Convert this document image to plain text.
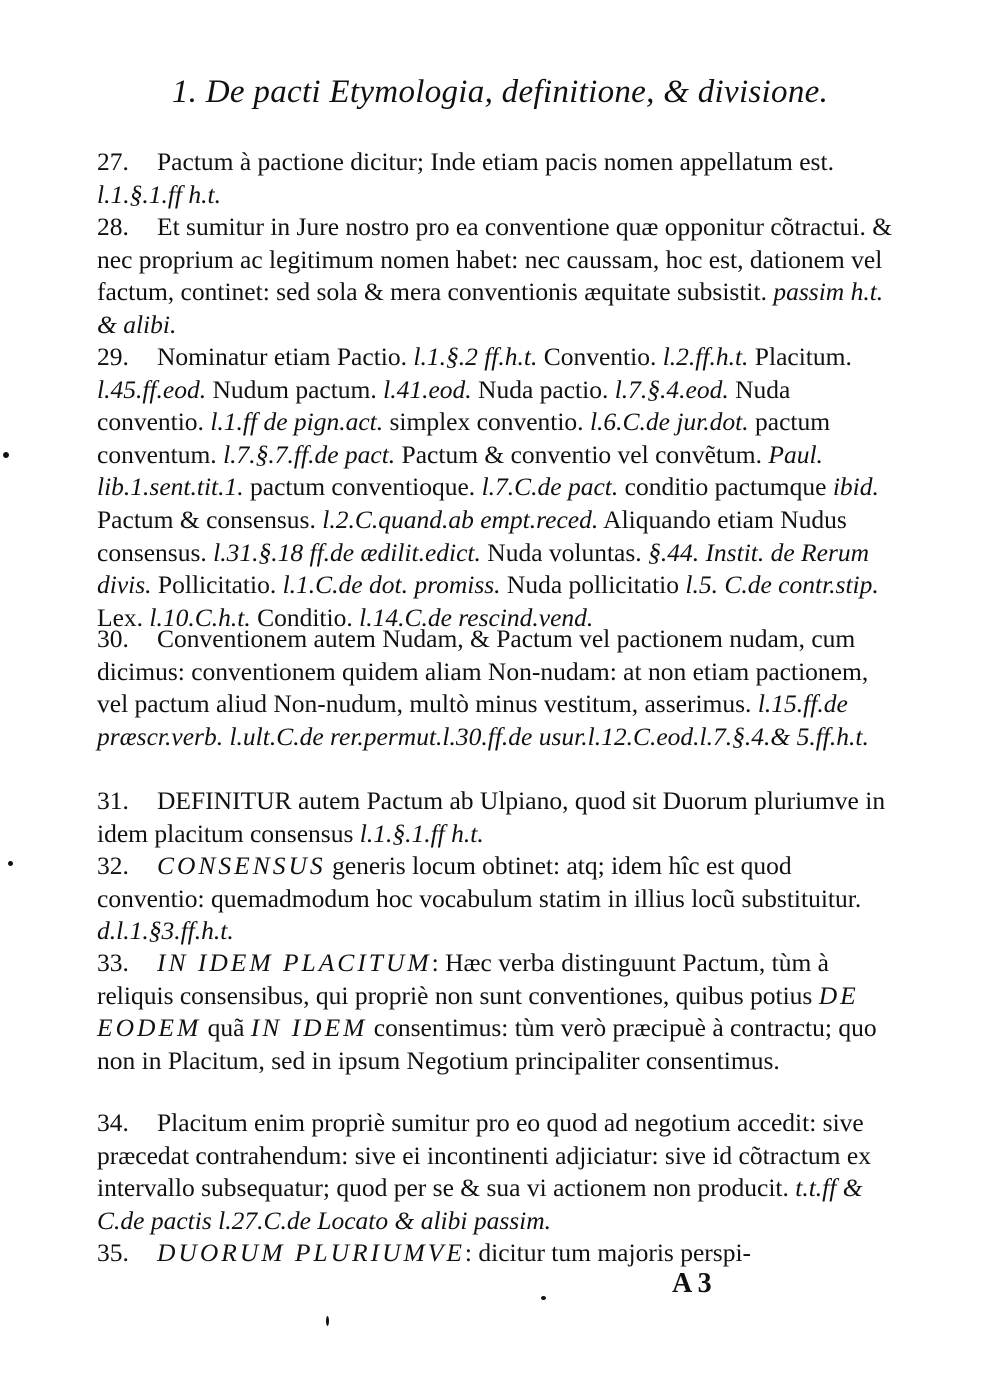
1. De pacti Etymologia, definitione, & divisione.
27. Pactum à pactione dicitur; Inde etiam pacis nomen appellatum est. l.1.§.1.ff h.t.
28. Et sumitur in Jure nostro pro ea conventione quæ opponitur cõtractui. & nec proprium ac legitimum nomen habet: nec caussam, hoc est, dationem vel factum, continet: sed sola & mera conventionis æquitate subsistit. passim h.t. & alibi.
29. Nominatur etiam Pactio. l.1.§.2 ff.h.t. Conventio. l.2.ff.h.t. Placitum. l.45.ff.eod. Nudum pactum. l.41.eod. Nuda pactio. l.7.§.4.eod. Nuda conventio. l.1.ff de pign.act. simplex conventio. l.6.C.de jur.dot. pactum conventum. l.7.§.7.ff.de pact. Pactum & conventio vel convẽtum. Paul. lib.1.sent.tit.1. pactum conventioque. l.7.C.de pact. conditio pactumque ibid. Pactum & consensus. l.2.C.quand.ab empt.reced. Aliquando etiam Nudus consensus. l.31.§.18 ff.de ædilit.edict. Nuda voluntas. §.44. Instit. de Rerum divis. Pollicitatio. l.1.C.de dot. promiss. Nuda pollicitatio l.5. C.de contr.stip. Lex. l.10.C.h.t. Conditio. l.14.C.de rescind.vend.
30. Conventionem autem Nudam, & Pactum vel pactionem nudam, cum dicimus: conventionem quidem aliam Non-nudam: at non etiam pactionem, vel pactum aliud Non-nudum, multò minus vestitum, asserimus. l.15.ff.de præscr.verb. l.ult.C.de rer.permut.l.30.ff.de usur.l.12.C.eod.l.7.§.4.& 5.ff.h.t.
31. DEFINITUR autem Pactum ab Ulpiano, quod sit Duorum pluriumve in idem placitum consensus l.1.§.1.ff h.t.
32. CONSENSUS generis locum obtinet: atq; idem hîc est quod conventio: quemadmodum hoc vocabulum statim in illius locũ substituitur. d.l.1.§3.ff.h.t.
33. IN IDEM PLACITUM: Hæc verba distinguunt Pactum, tùm à reliquis consensibus, qui propriè non sunt conventiones, quibus potius DE EODEM quã IN IDEM consentimus: tùm verò præcipuè à contractu; quo non in Placitum, sed in ipsum Negotium principaliter consentimus.
34. Placitum enim propriè sumitur pro eo quod ad negotium accedit: sive præcedat contrahendum: sive ei incontinenti adjiciatur: sive id cõtractum ex intervallo subsequatur; quod per se & sua vi actionem non producit. t.t.ff & C.de pactis l.27.C.de Locato & alibi passim.
35. DUORUM PLURIUMVE: dicitur tum majoris perspi-
A 3
